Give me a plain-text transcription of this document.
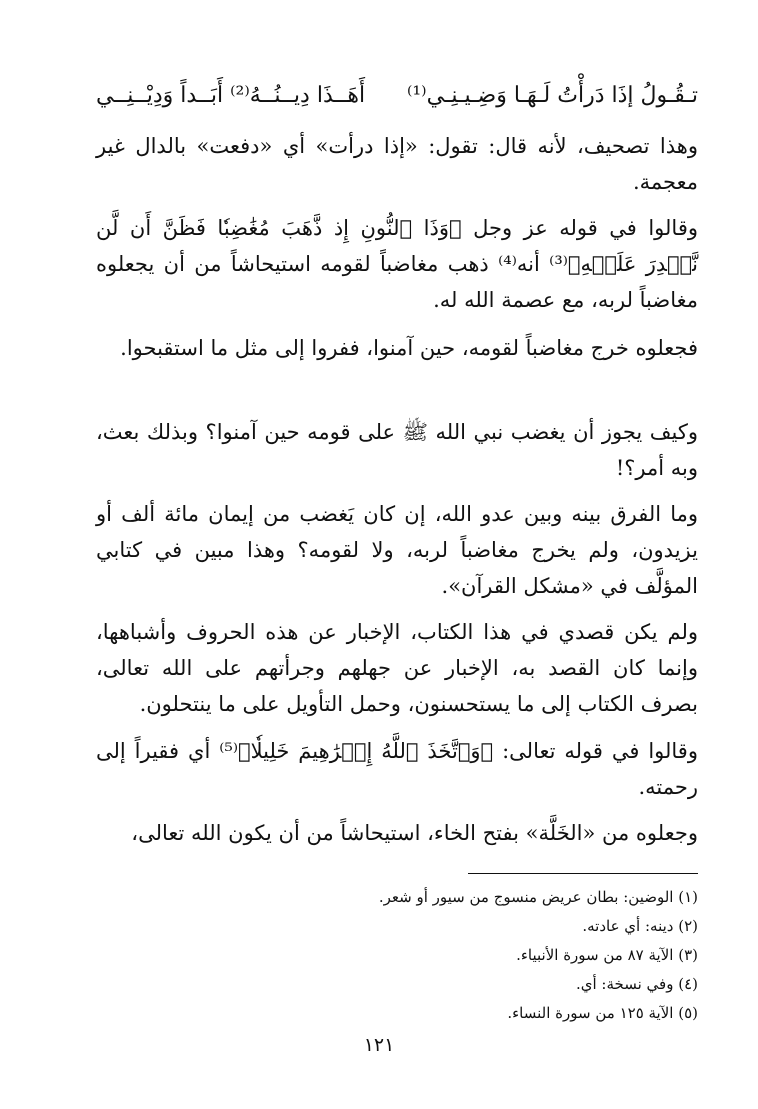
تـقُـولُ إذَا دَرأْتُ لَـهَـا وَضِـيـنِـي⁽¹⁾
أَهَــذَا دِيــنُــهُ⁽²⁾ أَبَــداً وَدِيْــنِــي

وهذا تصحيف، لأنه قال: تقول: «إذا درأت» أي «دفعت» بالدال غير معجمة.

وقالوا في قوله عز وجل ﴿وَذَا ٱلنُّونِ إِذ ذَّهَبَ مُغَٰضِبٗا فَظَنَّ أَن لَّن نَّقۡدِرَ عَلَيۡهِ﴾⁽³⁾ أنه⁽⁴⁾ ذهب مغاضباً لقومه استيحاشاً من أن يجعلوه مغاضباً لربه، مع عصمة الله له.

فجعلوه خرج مغاضباً لقومه، حين آمنوا، ففروا إلى مثل ما استقبحوا.

وكيف يجوز أن يغضب نبي الله ﷺ على قومه حين آمنوا؟ وبذلك بعث، وبه أمر؟!

وما الفرق بينه وبين عدو الله، إن كان يَغضب من إيمان مائة ألف أو يزيدون، ولم يخرج مغاضباً لربه، ولا لقومه؟ وهذا مبين في كتابي المؤلَّف في «مشكل القرآن».

ولم يكن قصدي في هذا الكتاب، الإخبار عن هذه الحروف وأشباهها، وإنما كان القصد به، الإخبار عن جهلهم وجرأتهم على الله تعالى، بصرف الكتاب إلى ما يستحسنون، وحمل التأويل على ما ينتحلون.

وقالوا في قوله تعالى: ﴿وَٱتَّخَذَ ٱللَّهُ إِبۡرَٰهِيمَ خَلِيلٗا﴾⁽⁵⁾ أي فقيراً إلى رحمته.

وجعلوه من «الخَلَّة» بفتح الخاء، استيحاشاً من أن يكون الله تعالى،

(١) الوضين: بطان عريض منسوج من سيور أو شعر.
(٢) دينه: أي عادته.
(٣) الآية ٨٧ من سورة الأنبياء.
(٤) وفي نسخة: أي.
(٥) الآية ١٢٥ من سورة النساء.
١٢١
